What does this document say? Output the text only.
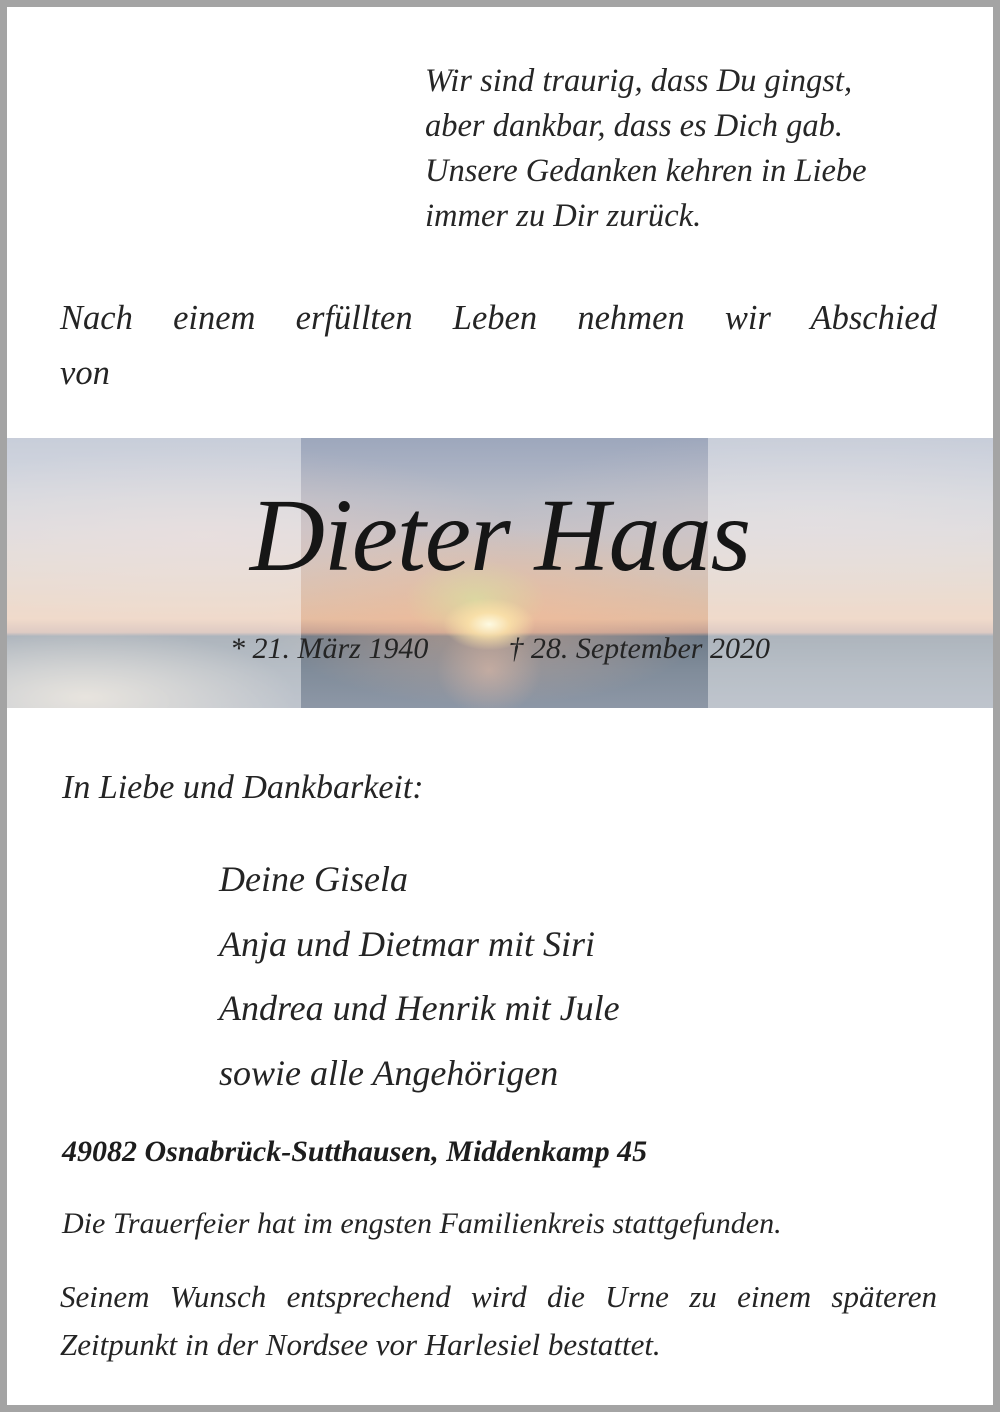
Wir sind traurig, dass Du gingst,
aber dankbar, dass es Dich gab.
Unsere Gedanken kehren in Liebe
immer zu Dir zurück.
Nach einem erfüllten Leben nehmen wir Abschied
von
Dieter Haas
* 21. März 1940	† 28. September 2020
In Liebe und Dankbarkeit:
Deine Gisela
Anja und Dietmar mit Siri
Andrea und Henrik mit Jule
sowie alle Angehörigen
49082 Osnabrück-Sutthausen, Middenkamp 45
Die Trauerfeier hat im engsten Familienkreis stattgefunden.
Seinem Wunsch entsprechend wird die Urne zu einem späteren
Zeitpunkt in der Nordsee vor Harlesiel bestattet.
